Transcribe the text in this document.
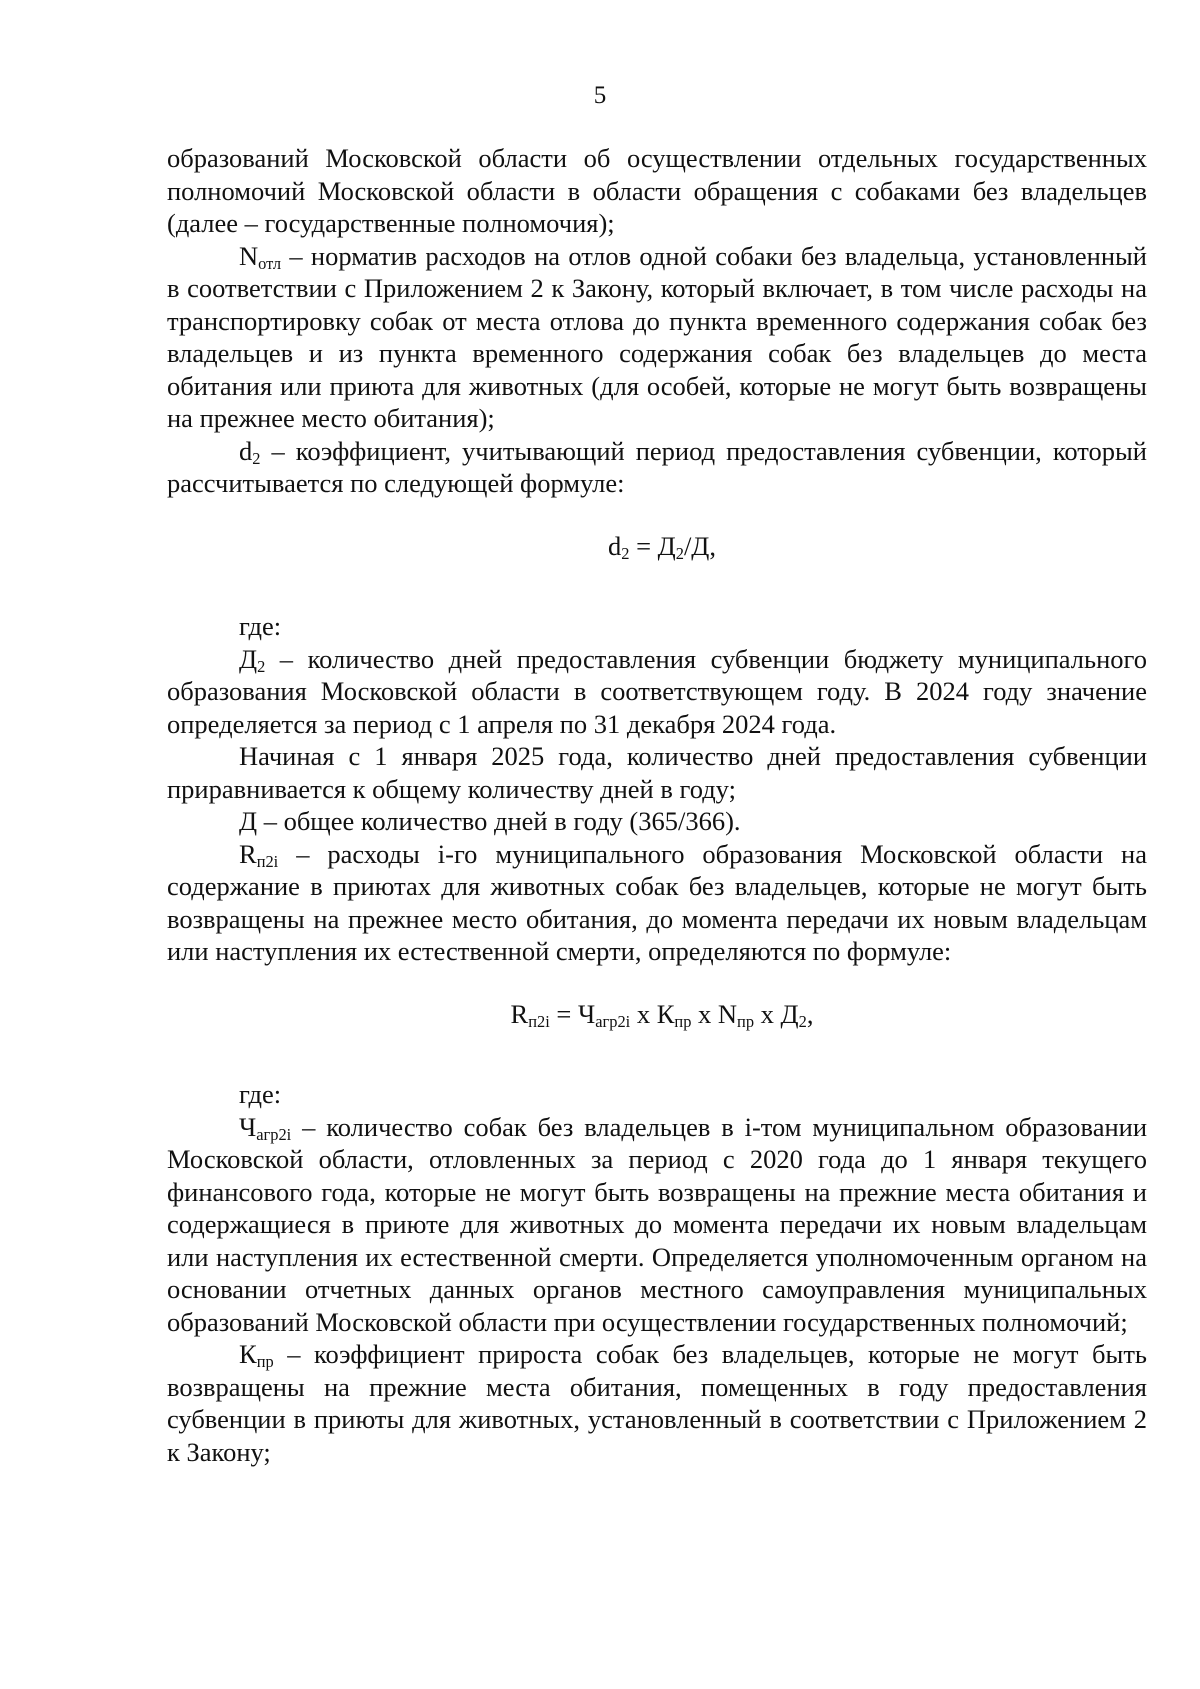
5

образований Московской области об осуществлении отдельных государственных полномочий Московской области в области обращения с собаками без владельцев (далее – государственные полномочия);

$N_{отл}$ – норматив расходов на отлов одной собаки без владельца, установленный в соответствии с Приложением 2 к Закону, который включает, в том числе расходы на транспортировку собак от места отлова до пункта временного содержания собак без владельцев и из пункта временного содержания собак без владельцев до места обитания или приюта для животных (для особей, которые не могут быть возвращены на прежнее место обитания);

$d_2$ – коэффициент, учитывающий период предоставления субвенции, который рассчитывается по следующей формуле:

$d_2 = Д_2/Д$,

где:

$Д_2$ – количество дней предоставления субвенции бюджету муниципального образования Московской области в соответствующем году. В 2024 году значение определяется за период с 1 апреля по 31 декабря 2024 года.

Начиная с 1 января 2025 года, количество дней предоставления субвенции приравнивается к общему количеству дней в году;

Д – общее количество дней в году (365/366).

$R_{п2i}$ – расходы i-го муниципального образования Московской области на содержание в приютах для животных собак без владельцев, которые не могут быть возвращены на прежнее место обитания, до момента передачи их новым владельцам или наступления их естественной смерти, определяются по формуле:

$R_{п2i} = Ч_{агр2i}$ х $К_{пр}$ х $N_{пр}$ х $Д_2$,

где:

$Ч_{агр2i}$ – количество собак без владельцев в i-том муниципальном образовании Московской области, отловленных за период с 2020 года до 1 января текущего финансового года, которые не могут быть возвращены на прежние места обитания и содержащиеся в приюте для животных до момента передачи их новым владельцам или наступления их естественной смерти. Определяется уполномоченным органом на основании отчетных данных органов местного самоуправления муниципальных образований Московской области при осуществлении государственных полномочий;

$К_{пр}$ – коэффициент прироста собак без владельцев, которые не могут быть возвращены на прежние места обитания, помещенных в году предоставления субвенции в приюты для животных, установленный в соответствии с Приложением 2 к Закону;
